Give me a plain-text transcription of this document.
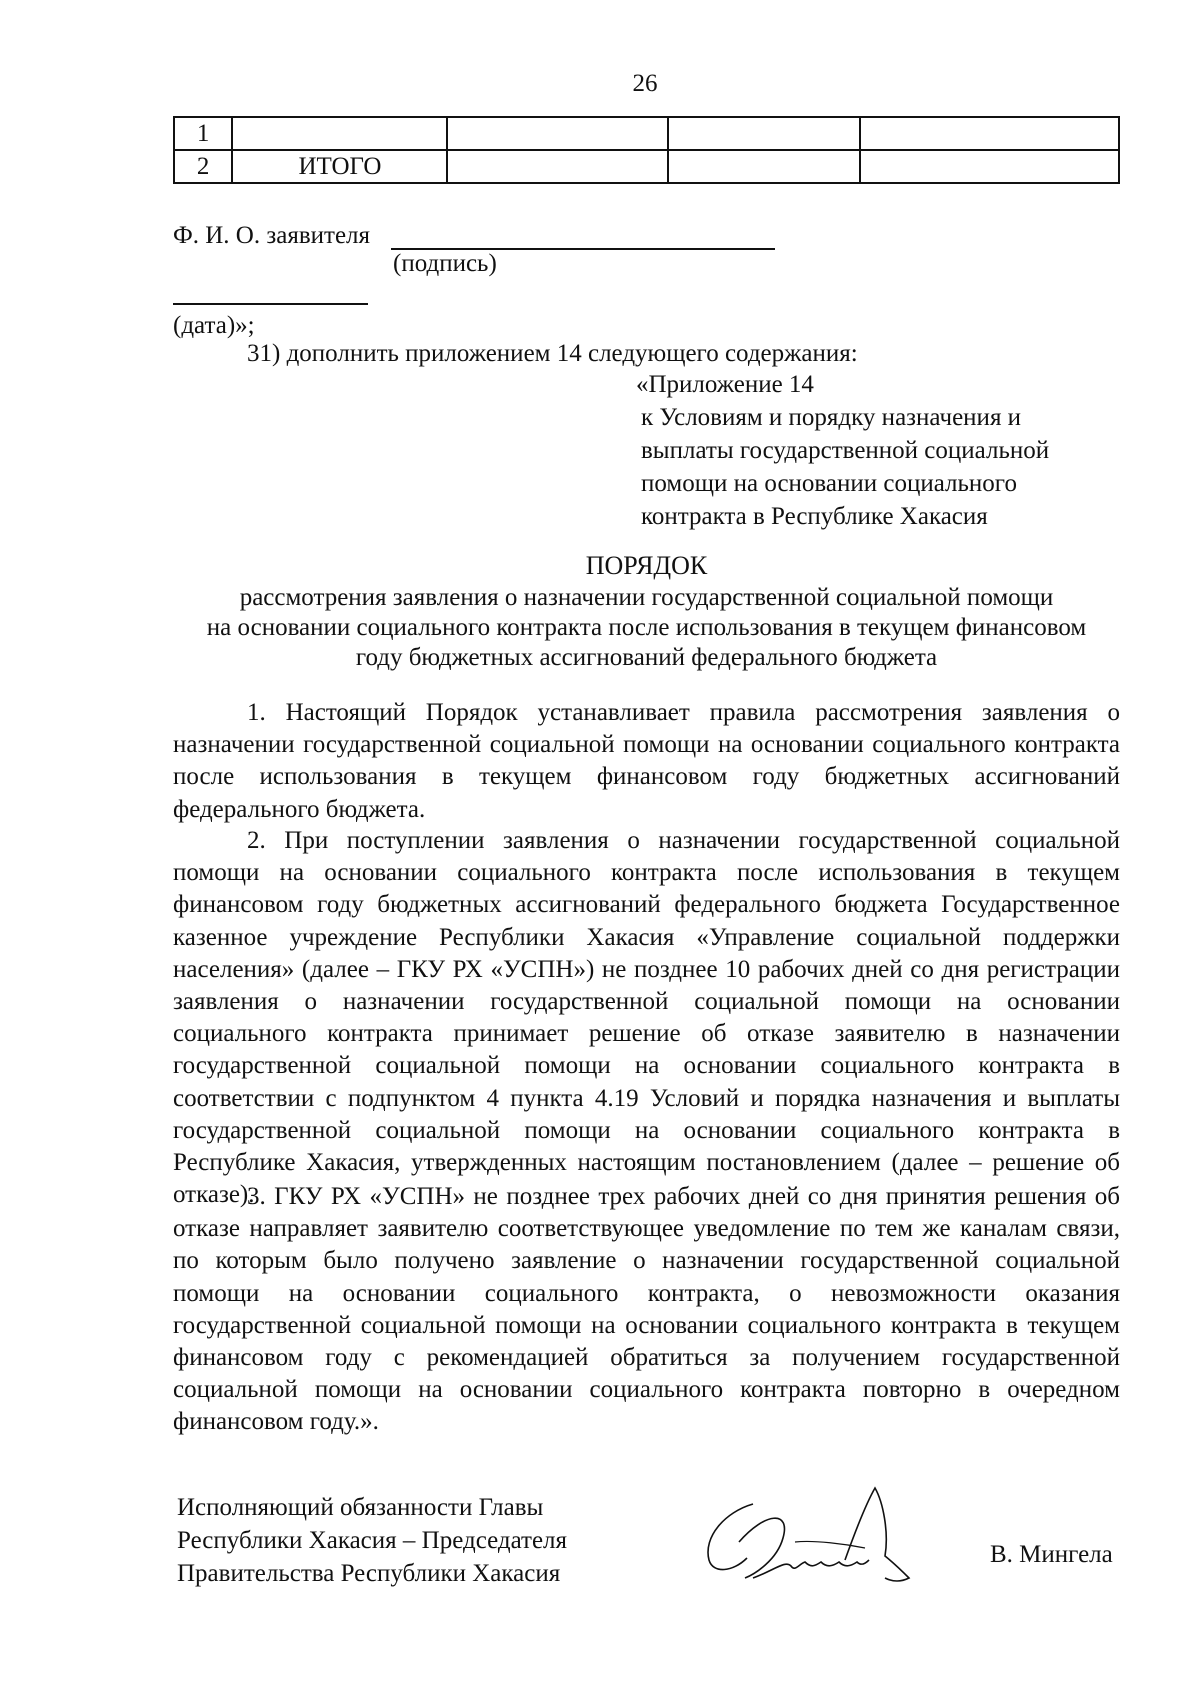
26
1				
2	ИТОГО			
Ф. И. О. заявителя
(подпись)
(дата)»;
31) дополнить приложением 14 следующего содержания:
«Приложение 14
к Условиям и порядку назначения и
выплаты государственной социальной
помощи на основании социального
контракта в Республике Хакасия
ПОРЯДОК
рассмотрения заявления о назначении государственной социальной помощи
на основании социального контракта после использования в текущем финансовом
году бюджетных ассигнований федерального бюджета

1. Настоящий Порядок устанавливает правила рассмотрения заявления о назначении государственной социальной помощи на основании социального контракта после использования в текущем финансовом году бюджетных ассигнований федерального бюджета.

2. При поступлении заявления о назначении государственной социальной помощи на основании социального контракта после использования в текущем финансовом году бюджетных ассигнований федерального бюджета Государственное казенное учреждение Республики Хакасия «Управление социальной поддержки населения» (далее – ГКУ РХ «УСПН») не позднее 10 рабочих дней со дня регистрации заявления о назначении государственной социальной помощи на основании социального контракта принимает решение об отказе заявителю в назначении государственной социальной помощи на основании социального контракта в соответствии с подпунктом 4 пункта 4.19 Условий и порядка назначения и выплаты государственной социальной помощи на основании социального контракта в Республике Хакасия, утвержденных настоящим постановлением (далее – решение об отказе).

3. ГКУ РХ «УСПН» не позднее трех рабочих дней со дня принятия решения об отказе направляет заявителю соответствующее уведомление по тем же каналам связи, по которым было получено заявление о назначении государственной социальной помощи на основании социального контракта, о невозможности оказания государственной социальной помощи на основании социального контракта в текущем финансовом году с рекомендацией обратиться за получением государственной социальной помощи на основании социального контракта повторно в очередном финансовом году.».

Исполняющий обязанности Главы
Республики Хакасия – Председателя
Правительства Республики Хакасия
В. Мингела
